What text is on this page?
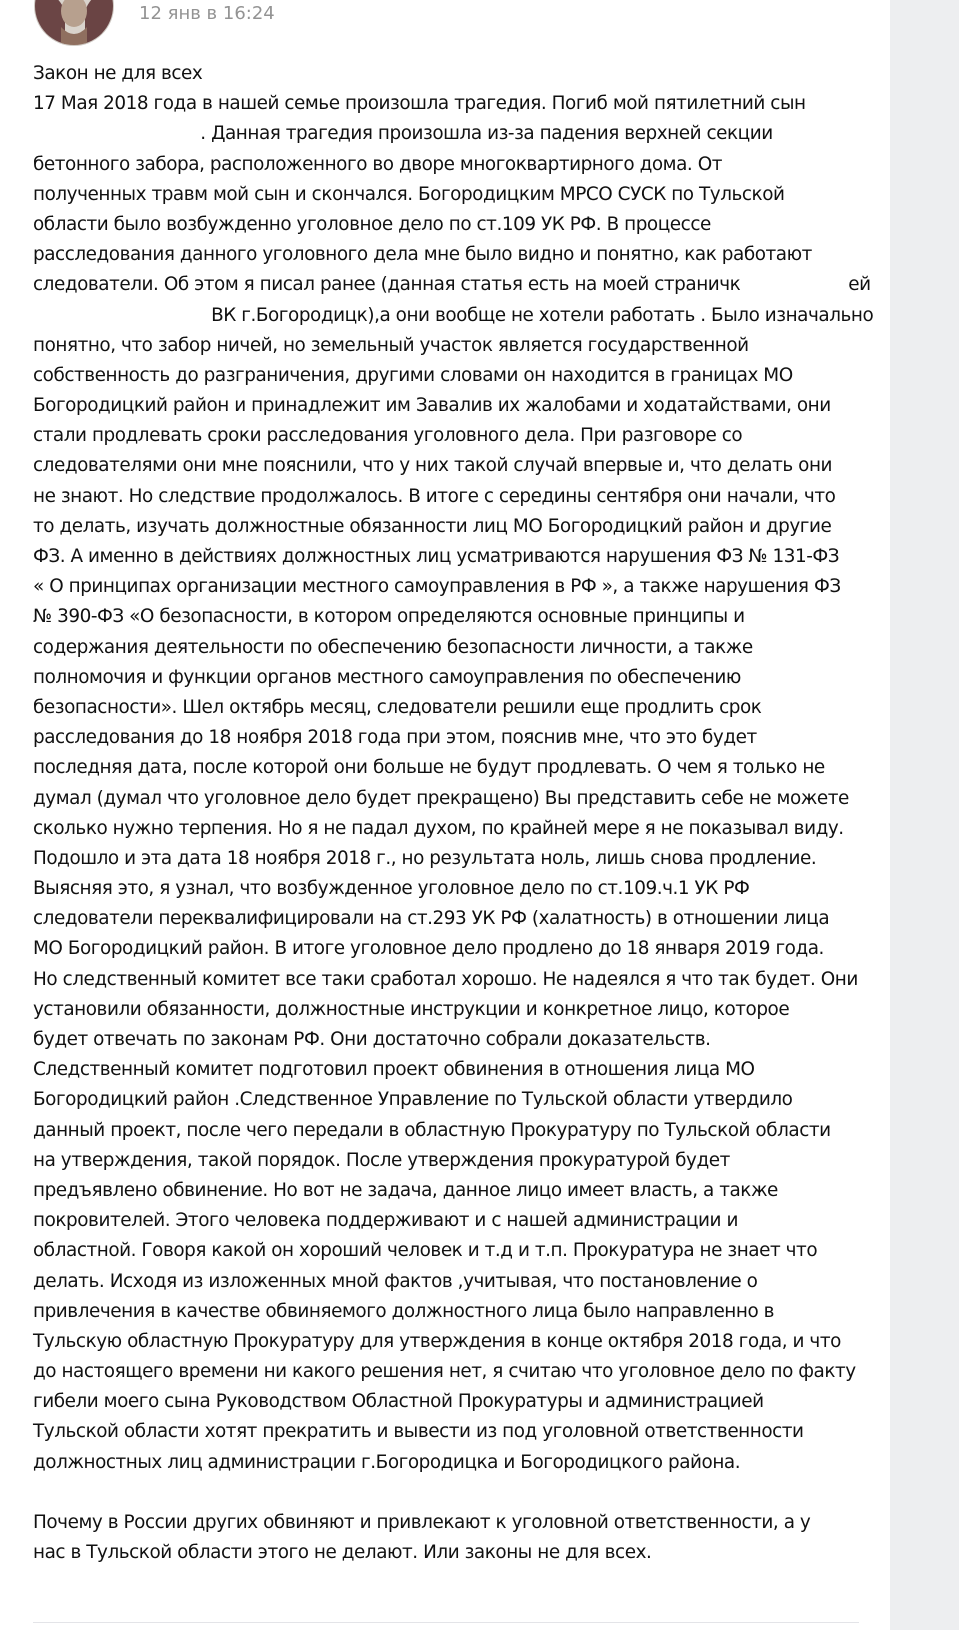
12 янв в 16:24
Закон не для всех
17 Мая 2018 года в нашей семье произошла трагедия. Погиб мой пятилетний сын
. Данная трагедия произошла из-за падения верхней секции
бетонного забора, расположенного во дворе многоквартирного дома. От
полученных травм мой сын и скончался. Богородицким МРСО СУСК по Тульской
области было возбужденно уголовное дело по ст.109 УК РФ. В процессе
расследования данного уголовного дела мне было видно и понятно, как работают
следователи. Об этом я писал ранее (данная статья есть на моей страничк                    ей
ВК г.Богородицк),а они вообще не хотели работать . Было изначально
понятно, что забор ничей, но земельный участок является государственной
собственность до разграничения, другими словами он находится в границах МО
Богородицкий район и принадлежит им Завалив их жалобами и ходатайствами, они
стали продлевать сроки расследования уголовного дела. При разговоре со
следователями они мне пояснили, что у них такой случай впервые и, что делать они
не знают. Но следствие продолжалось. В итоге с середины сентября они начали, что
то делать, изучать должностные обязанности лиц МО Богородицкий район и другие
ФЗ. А именно в действиях должностных лиц усматриваются нарушения ФЗ № 131-ФЗ
« О принципах организации местного самоуправления в РФ », а также нарушения ФЗ
№ 390-ФЗ «О безопасности, в котором определяются основные принципы и
содержания деятельности по обеспечению безопасности личности, а также
полномочия и функции органов местного самоуправления по обеспечению
безопасности». Шел октябрь месяц, следователи решили еще продлить срок
расследования до 18 ноября 2018 года при этом, пояснив мне, что это будет
последняя дата, после которой они больше не будут продлевать. О чем я только не
думал (думал что уголовное дело будет прекращено) Вы представить себе не можете
сколько нужно терпения. Но я не падал духом, по крайней мере я не показывал виду.
Подошло и эта дата 18 ноября 2018 г., но результата ноль, лишь снова продление.
Выясняя это, я узнал, что возбужденное уголовное дело по ст.109.ч.1 УК РФ
следователи переквалифицировали на ст.293 УК РФ (халатность) в отношении лица
МО Богородицкий район. В итоге уголовное дело продлено до 18 января 2019 года.
Но следственный комитет все таки сработал хорошо. Не надеялся я что так будет. Они
установили обязанности, должностные инструкции и конкретное лицо, которое
будет отвечать по законам РФ. Они достаточно собрали доказательств.
Следственный комитет подготовил проект обвинения в отношения лица МО
Богородицкий район .Следственное Управление по Тульской области утвердило
данный проект, после чего передали в областную Прокуратуру по Тульской области
на утверждения, такой порядок. После утверждения прокуратурой будет
предъявлено обвинение. Но вот не задача, данное лицо имеет власть, а также
покровителей. Этого человека поддерживают и с нашей администрации и
областной. Говоря какой он хороший человек и т.д и т.п. Прокуратура не знает что
делать. Исходя из изложенных мной фактов ,учитывая, что постановление о
привлечения в качестве обвиняемого должностного лица было направленно в
Тульскую областную Прокуратуру для утверждения в конце октября 2018 года, и что
до настоящего времени ни какого решения нет, я считаю что уголовное дело по факту
гибели моего сына Руководством Областной Прокуратуры и администрацией
Тульской области хотят прекратить и вывести из под уголовной ответственности
должностных лиц администрации г.Богородицка и Богородицкого района.
Почему в России других обвиняют и привлекают к уголовной ответственности, а у
нас в Тульской области этого не делают. Или законы не для всех.
